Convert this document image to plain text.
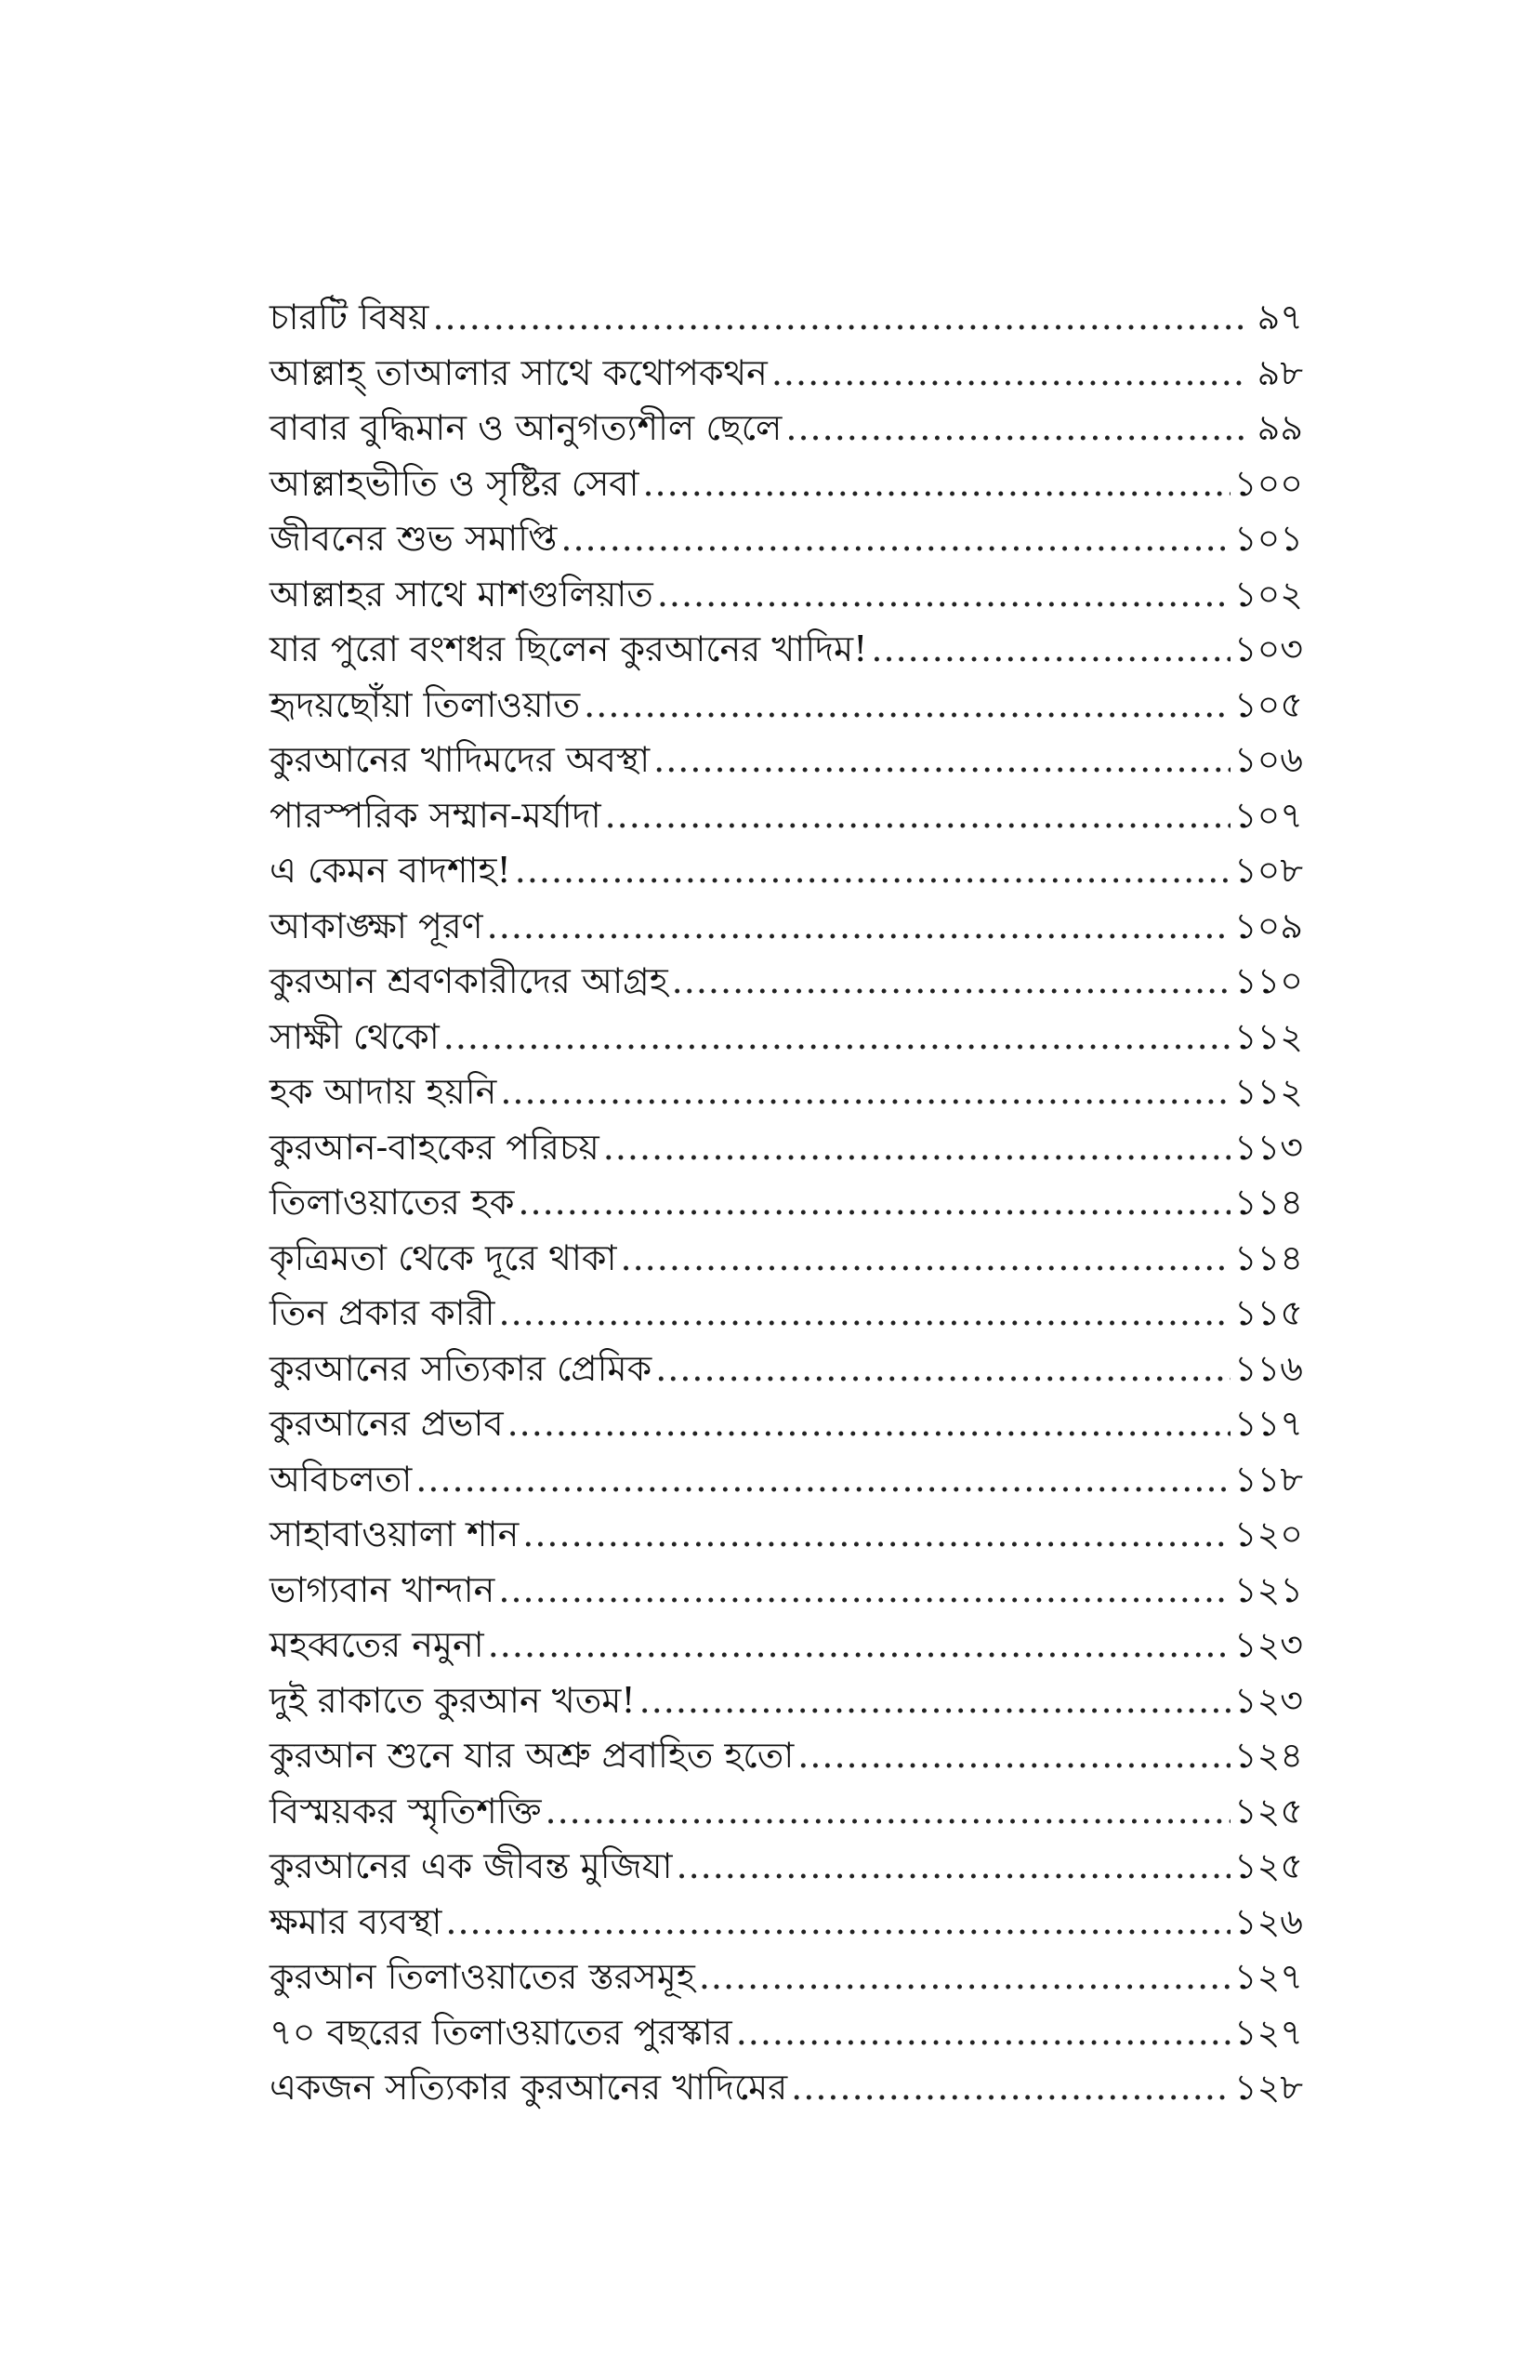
চারটি বিষয় .....	৯৭
আল্লাহ্ তাআলার সাথে কথোপকথন .....	৯৮
বাবার বুদ্ধিমান ও আনুগত্যশীল ছেলে .....	৯৯
আল্লাহভীতি ও সৃষ্টির সেবা .....	১০০
জীবনের শুভ সমাপ্তি .....	১০১
আল্লাহর সাথে মাশগুলিয়াত .....	১০২
যার পুরো বংশধর ছিলেন কুরআনের খাদিম! .....	১০৩
হৃদয়ছোঁয়া তিলাওয়াত .....	১০৫
কুরআনের খাদিমদের অবস্থা .....	১০৬
পারস্পরিক সম্মান-মর্যাদা .....	১০৭
এ কেমন বাদশাহ! .....	১০৮
আকাঙ্ক্ষা পূরণ .....	১০৯
কুরআন শ্রবণকারীদের আগ্রহ .....	১১০
সাক্ষী থেকো .....	১১২
হক আদায় হয়নি .....	১১২
কুরআন-বাহকের পরিচয় .....	১১৩
তিলাওয়াতের হক .....	১১৪
কৃত্রিমতা থেকে দূরে থাকা .....	১১৪
তিন প্রকার কারী .....	১১৫
কুরআনের সত্যিকার প্রেমিক .....	১১৬
কুরআনের প্রভাব .....	১১৭
অবিচলতা .....	১১৮
সাহাবাওয়ালা শান .....	১২০
ভাগ্যবান খান্দান .....	১২১
মহব্বতের নমুনা .....	১২৩
দুই রাকাতে কুরআন খতম! .....	১২৩
কুরআন শুনে যার অশ্রু প্রবাহিত হতো .....	১২৪
বিস্ময়কর স্মৃতিশক্তি .....	১২৫
কুরআনের এক জীবন্ত মুজিযা .....	১২৫
ক্ষমার ব্যবস্থা .....	১২৬
কুরআন তিলাওয়াতের স্তরসমূহ .....	১২৭
৭০ বছরের তিলাওয়াতের পুরস্কার .....	১২৭
একজন সত্যিকার কুরআনের খাদিমের .....	১২৮
